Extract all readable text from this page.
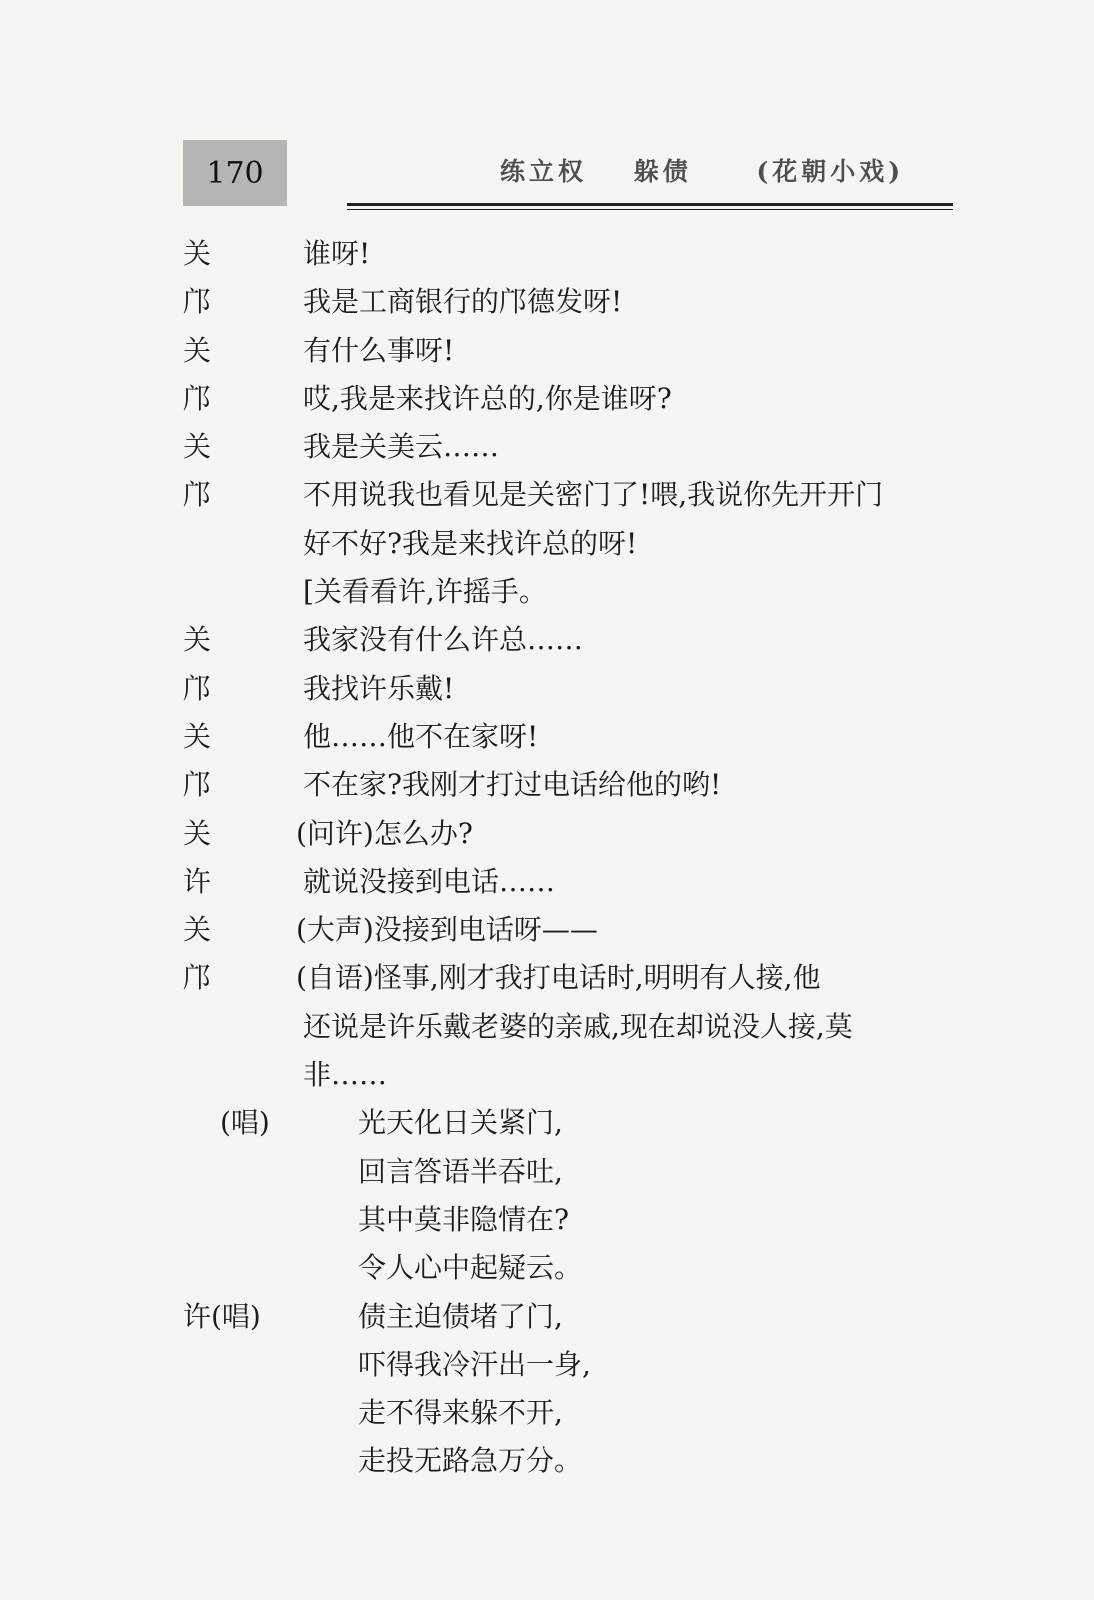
170	练立权 躲债	(花朝小戏)
关	谁呀!
邝	我是工商银行的邝德发呀!
关	有什么事呀!
邝	哎,我是来找许总的,你是谁呀?
关	我是关美云……
邝	不用说我也看见是关密门了!喂,我说你先开开门
好不好?我是来找许总的呀!
[关看看许,许摇手。
关	我家没有什么许总……
邝	我找许乐戴!
关	他……他不在家呀!
邝	不在家?我刚才打过电话给他的哟!
关	(问许)怎么办?
许	就说没接到电话……
关	(大声)没接到电话呀——
邝	(自语)怪事,刚才我打电话时,明明有人接,他
还说是许乐戴老婆的亲戚,现在却说没人接,莫
非……
(唱)	光天化日关紧门,
回言答语半吞吐,
其中莫非隐情在?
令人心中起疑云。
许(唱)	债主迫债堵了门,
吓得我冷汗出一身,
走不得来躲不开,
走投无路急万分。
